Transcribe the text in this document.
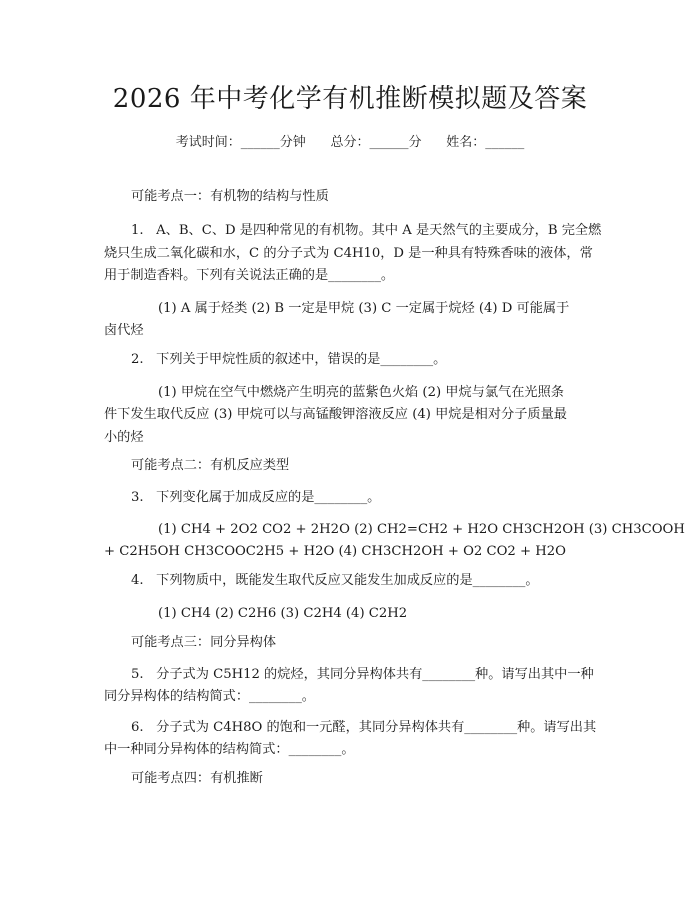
2026 年中考化学有机推断模拟题及答案
考试时间：______分钟      总分：______分      姓名：______
可能考点一：有机物的结构与性质
1.   A、B、C、D 是四种常见的有机物。其中 A 是天然气的主要成分，B 完全燃
烧只生成二氧化碳和水，C 的分子式为 C4H10，D 是一种具有特殊香味的液体，常
用于制造香料。下列有关说法正确的是________。
(1) A 属于烃类 (2) B 一定是甲烷 (3) C 一定属于烷烃 (4) D 可能属于
卤代烃
2.   下列关于甲烷性质的叙述中，错误的是________。
(1) 甲烷在空气中燃烧产生明亮的蓝紫色火焰 (2) 甲烷与氯气在光照条
件下发生取代反应 (3) 甲烷可以与高锰酸钾溶液反应 (4) 甲烷是相对分子质量最
小的烃
可能考点二：有机反应类型
3.   下列变化属于加成反应的是________。
(1) CH4 + 2O2 CO2 + 2H2O (2) CH2=CH2 + H2O CH3CH2OH (3) CH3COOH
+ C2H5OH CH3COOC2H5 + H2O (4) CH3CH2OH + O2 CO2 + H2O
4.   下列物质中，既能发生取代反应又能发生加成反应的是________。
(1) CH4 (2) C2H6 (3) C2H4 (4) C2H2
可能考点三：同分异构体
5.   分子式为 C5H12 的烷烃，其同分异构体共有________种。请写出其中一种
同分异构体的结构简式：________。
6.   分子式为 C4H8O 的饱和一元醛，其同分异构体共有________种。请写出其
中一种同分异构体的结构简式：________。
可能考点四：有机推断
